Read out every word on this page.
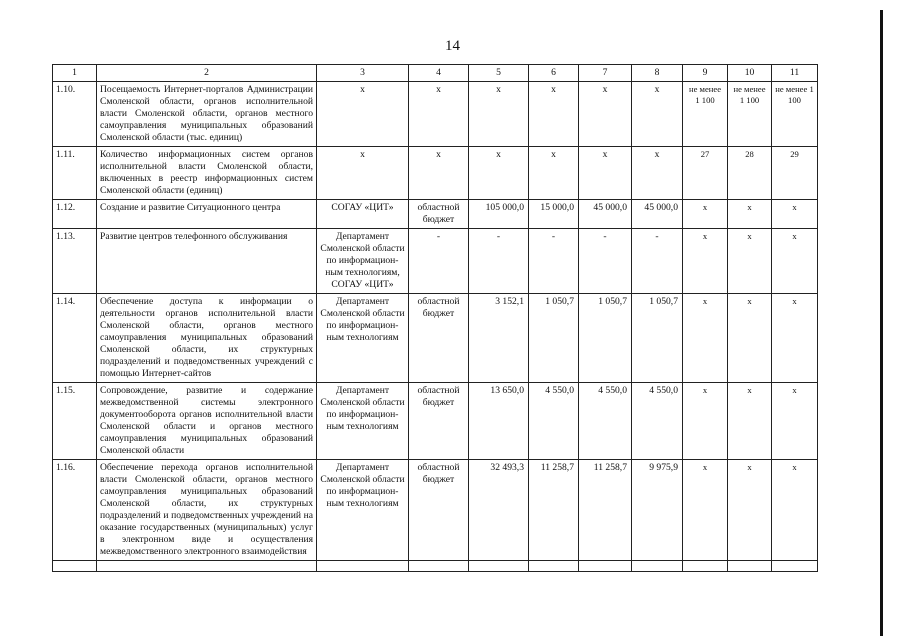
14
1	2	3	4	5	6	7	8	9	10	11
1.10.	Посещаемость Интернет-порталов Администрации Смоленской области, органов исполнительной власти Смоленской области, органов местного самоуправления муниципальных образований Смоленской области (тыс. единиц)	х	х	х	х	х	х	не менее 1 100	не менее 1 100	не менее 1 100
1.11.	Количество информационных систем органов исполнительной власти Смоленской области, включенных в реестр информационных систем Смоленской области (единиц)	х	х	х	х	х	х	27	28	29
1.12.	Создание и развитие Ситуационного центра	СОГАУ «ЦИТ»	областной бюджет	105 000,0	15 000,0	45 000,0	45 000,0	х	х	х
1.13.	Развитие центров телефонного обслуживания	Департамент Смоленской области по информацион-ным технологиям, СОГАУ «ЦИТ»	-	-	-	-	-	х	х	х
1.14.	Обеспечение доступа к информации о деятельности органов исполнительной власти Смоленской области, органов местного самоуправления муниципальных образований Смоленской области, их структурных подразделений и подведомственных учреждений с помощью Интернет-сайтов	Департамент Смоленской области по информацион-ным технологиям	областной бюджет	3 152,1	1 050,7	1 050,7	1 050,7	х	х	х
1.15.	Сопровождение, развитие и содержание межведомственной системы электронного документооборота органов исполнительной власти Смоленской области и органов местного самоуправления муниципальных образований Смоленской области	Департамент Смоленской области по информацион-ным технологиям	областной бюджет	13 650,0	4 550,0	4 550,0	4 550,0	х	х	х
1.16.	Обеспечение перехода органов исполнительной власти Смоленской области, органов местного самоуправления муниципальных образований Смоленской области, их структурных подразделений и подведомственных учреждений на оказание государственных (муниципальных) услуг в электронном виде и осуществления межведомственного электронного взаимодействия	Департамент Смоленской области по информацион-ным технологиям	областной бюджет	32 493,3	11 258,7	11 258,7	9 975,9	х	х	х
